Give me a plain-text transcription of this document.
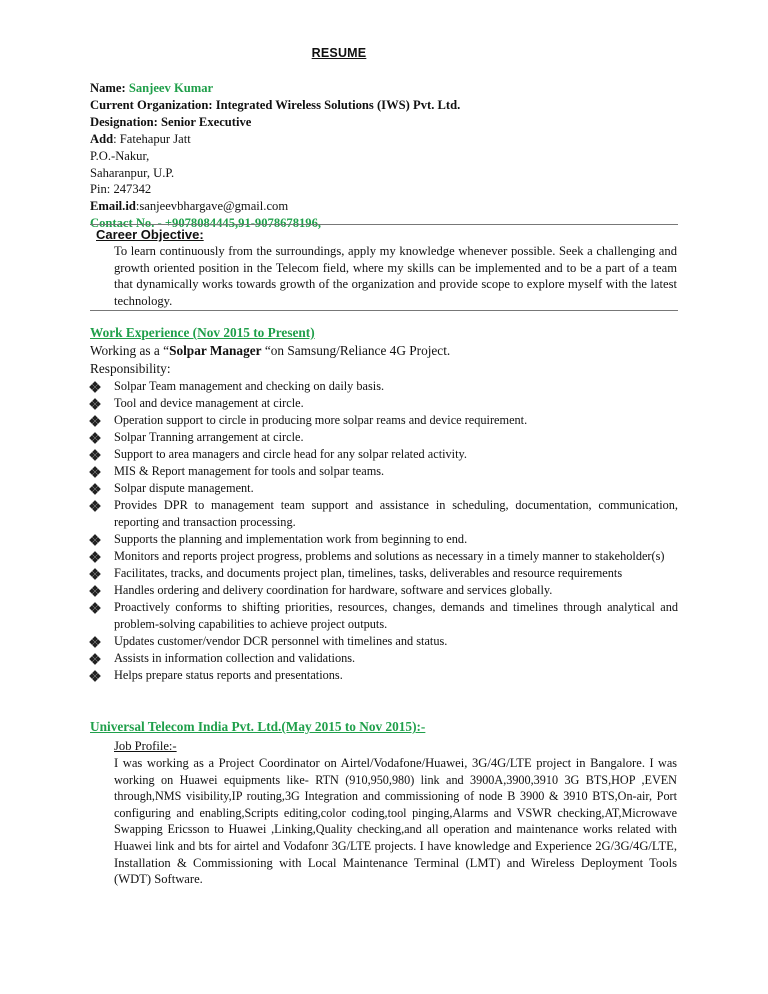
RESUME
Name: Sanjeev Kumar
Current Organization: Integrated Wireless Solutions (IWS) Pvt. Ltd.
Designation: Senior Executive
Add: Fatehapur Jatt
P.O.-Nakur,
Saharanpur, U.P.
Pin: 247342
Email.id:sanjeevbhargave@gmail.com
Contact No. - +9078084445,91-9078678196,
Career Objective:
To learn continuously from the surroundings, apply my knowledge whenever possible. Seek a challenging and growth oriented position in the Telecom field, where my skills can be implemented and to be a part of a team that dynamically works towards growth of the organization and provide scope to explore myself with the latest technology.
Work Experience (Nov 2015 to Present)
Working as a “Solpar Manager “on Samsung/Reliance 4G Project.
Responsibility:
Solpar Team management and checking on daily basis.
Tool and device management at circle.
Operation support to circle in producing more solpar reams and device requirement.
Solpar Tranning arrangement at circle.
Support to area managers and circle head for any solpar related activity.
MIS & Report management for tools and solpar teams.
Solpar dispute management.
Provides DPR to management team support and assistance in scheduling, documentation, communication, reporting and transaction processing.
Supports the planning and implementation work from beginning to end.
Monitors and reports project progress, problems and solutions as necessary in a timely manner to stakeholder(s)
Facilitates, tracks, and documents project plan, timelines, tasks, deliverables and resource requirements
Handles ordering and delivery coordination for hardware, software and services globally.
Proactively conforms to shifting priorities, resources, changes, demands and timelines through analytical and problem-solving capabilities to achieve project outputs.
Updates customer/vendor DCR personnel with timelines and status.
Assists in information collection and validations.
Helps prepare status reports and presentations.
Universal Telecom India Pvt. Ltd.(May 2015 to Nov 2015):-
Job Profile:-
I was working as a Project Coordinator on Airtel/Vodafone/Huawei, 3G/4G/LTE project in Bangalore. I was working on Huawei equipments like- RTN (910,950,980) link and 3900A,3900,3910 3G BTS,HOP ,EVEN through,NMS visibility,IP routing,3G Integration and commissioning of node B 3900 & 3910 BTS,On-air, Port configuring and enabling,Scripts editing,color coding,tool pinging,Alarms and VSWR checking,AT,Microwave Swapping Ericsson to Huawei ,Linking,Quality checking,and all operation and maintenance works related with Huawei link and bts for airtel and Vodafonr 3G/LTE projects. I have knowledge and Experience 2G/3G/4G/LTE, Installation & Commissioning with Local Maintenance Terminal (LMT) and Wireless Deployment Tools (WDT) Software.
